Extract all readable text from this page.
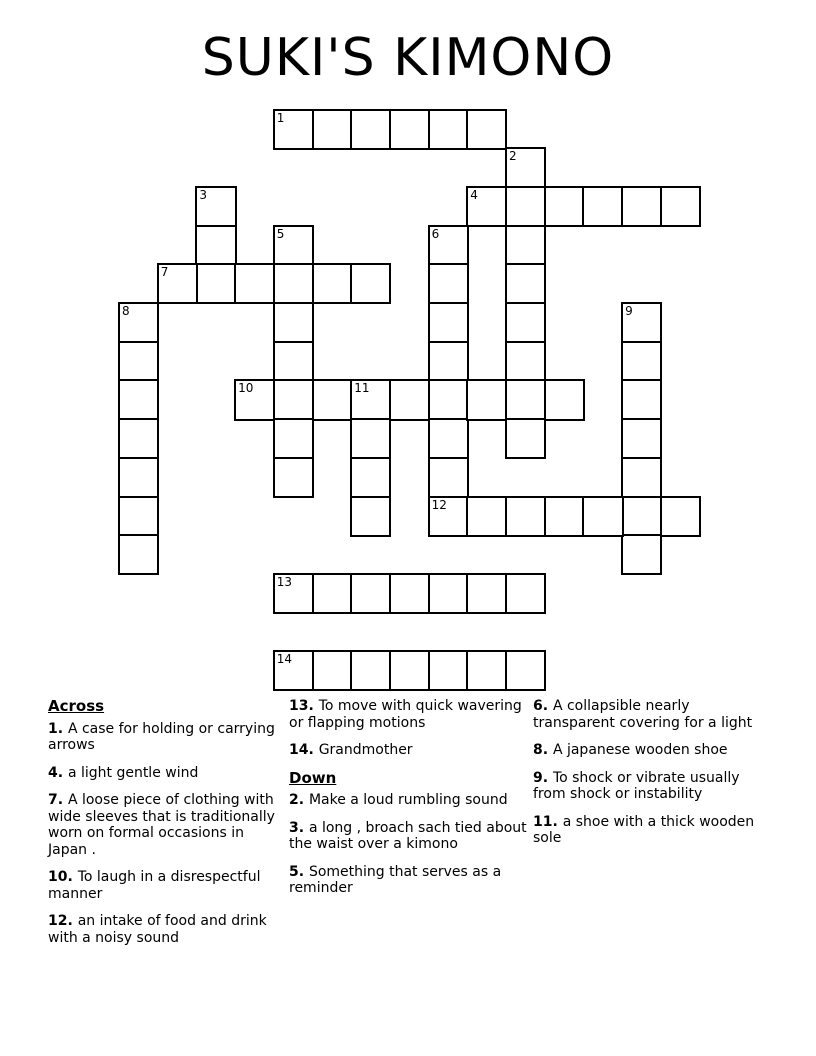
SUKI'S KIMONO
1
2
3	4
5	6
12
7
8	9
10	11
13
14
Across

1. A case for holding or carrying arrows

4. a light gentle wind

7. A loose piece of clothing with wide sleeves that is traditionally worn on formal occasions in Japan .

10. To laugh in a disrespectful manner

12. an intake of food and drink with a noisy sound

13. To move with quick wavering or flapping motions

14. Grandmother

Down

2. Make a loud rumbling sound

3. a long , broach sach tied about the waist over a kimono

5. Something that serves as a reminder

6. A collapsible nearly transparent covering for a light

8. A japanese wooden shoe

9. To shock or vibrate usually from shock or instability

11. a shoe with a thick wooden sole
